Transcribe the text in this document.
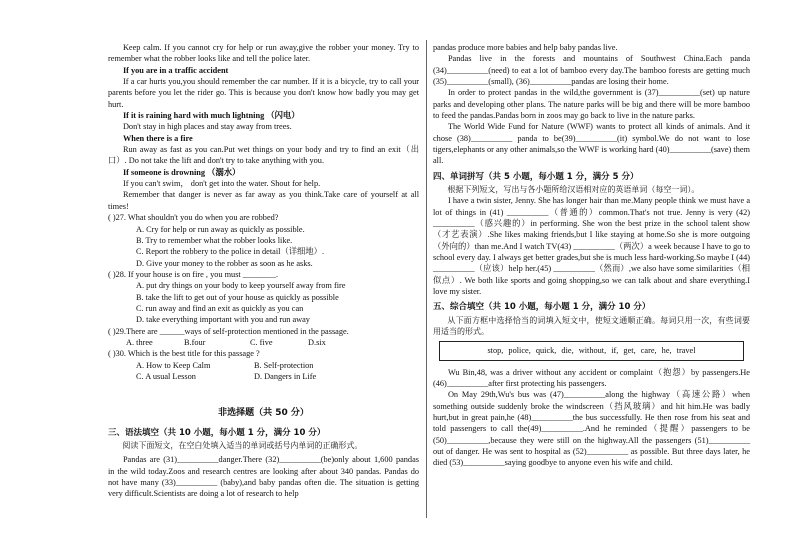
Keep calm. If you cannot cry for help or run away,give the robber your money. Try to remember what the robber looks like and tell the police later.

If you are in a traffic accident

If a car hurts you,you should remember the car number. If it is a bicycle, try to call your parents before you let the rider go. This is because you don't know how badly you may get hurt.

If it is raining hard with much lightning （闪电）

Don't stay in high places and stay away from trees.

When there is a fire

Run away as fast as you can.Put wet things on your body and try to find an exit（出口）. Do not take the lift and don't try to take anything with you.

If someone is drowning （溺水）

If you can't swim， don't get into the water. Shout for help.

Remember that danger is never as far away as you think.Take care of yourself at all times!

( )27. What shouldn't you do when you are robbed?

A. Cry for help or run away as quickly as possible.

B. Try to remember what the robber looks like.

C. Report the robbery to the police in detail（详细地）.

D. Give your money to the robber as soon as he asks.

( )28. If your house is on fire , you must ________.

A. put dry things on your body to keep yourself away from fire

B. take the lift to get out of your house as quickly as possible

C. run away and find an exit as quickly as you can

D. take everything important with you and run away

( )29.There are ______ways of self-protection mentioned in the passage.

A. three	B.four	C. five	D.six

( )30. Which is the best title for this passage ?

A. How to Keep Calm	B. Self-protection
C. A usual Lesson	D. Dangers in Life
非选择题（共 50 分）
三、语法填空（共 10 小题，每小题 1 分，满分 10 分）

阅读下面短文，在空白处填入适当的单词或括号内单词的正确形式。

Pandas are (31)__________danger.There (32)__________(be)only about 1,600 pandas in the wild today.Zoos and research centres are looking after about 340 pandas. Pandas do not have many (33)__________ (baby),and baby pandas often die. The situation is getting very difficult.Scientists are doing a lot of research to help

pandas produce more babies and help baby pandas live.

Pandas live in the forests and mountains of Southwest China.Each panda (34)__________(need) to eat a lot of bamboo every day.The bamboo forests are getting much (35)__________(small), (36)__________pandas are losing their home.

In order to protect pandas in the wild,the government is (37)__________(set) up nature parks and developing other plans. The nature parks will be big and there will be more bamboo to feed the pandas.Pandas born in zoos may go back to live in the nature parks.

The World Wide Fund for Nature (WWF) wants to protect all kinds of animals. And it chose (38)__________ panda to be(39)__________(it) symbol.We do not want to lose tigers,elephants or any other animals,so the WWF is working hard (40)__________(save) them all.

四、单词拼写（共 5 小题，每小题 1 分，满分 5 分）

根据下列短文，写出与各小题所给汉语相对应的英语单词（每空一词）。

I have a twin sister, Jenny. She has longer hair than me.Many people think we must have a lot of things in (41) __________（普通的）common.That's not true. Jenny is very (42) __________（感兴趣的）in performing. She won the best prize in the school talent show（才艺表演）.She likes making friends,but I like staying at home.So she is more outgoing（外向的）than me.And I watch TV(43) __________（两次）a week because I have to go to school every day. I always get better grades,but she is much less hard-working.So maybe I (44) __________（应该）help her.(45) __________（然而）,we also have some similarities（相似点）. We both like sports and going shopping,so we can talk about and share everything.I love my sister.

五、综合填空（共 10 小题，每小题 1 分，满分 10 分）

从下面方框中选择恰当的词填入短文中，使短文通顺正确。每词只用一次，有些词要用适当的形式。

stop, police, quick, die, without, if, get, care, he, travel

Wu Bin,48, was a driver without any accident or complaint（抱怨）by passengers.He (46)__________after first protecting his passengers.

On May 29th,Wu's bus was (47)__________along the highway（高速公路）when something outside suddenly broke the windscreen（挡风玻璃）and hit him.He was badly hurt,but in great pain,he (48)__________the bus successfully. He then rose from his seat and told passengers to call the(49)__________.And he reminded（提醒）passengers to be (50)__________,because they were still on the highway.All the passengers (51)__________ out of danger. He was sent to hospital as (52)__________ as possible. But three days later, he died (53)__________saying goodbye to anyone even his wife and child.
